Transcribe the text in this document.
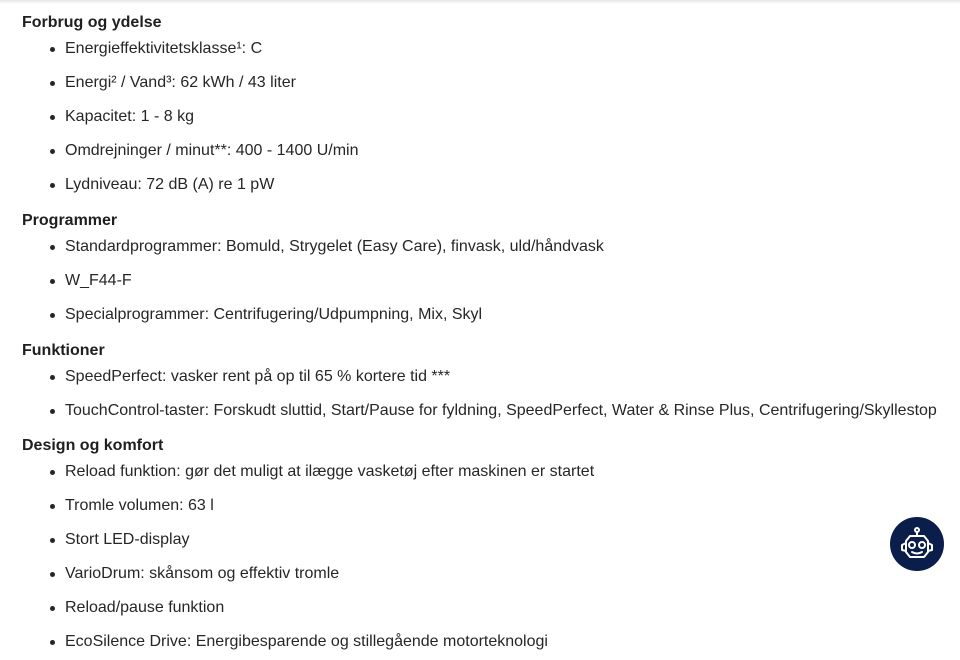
Forbrug og ydelse
Energieffektivitetsklasse¹: C
Energi² / Vand³: 62 kWh / 43 liter
Kapacitet: 1 - 8 kg
Omdrejninger / minut**: 400 - 1400 U/min
Lydniveau: 72 dB (A) re 1 pW
Programmer
Standardprogrammer: Bomuld, Strygelet (Easy Care), finvask, uld/håndvask
W_F44-F
Specialprogrammer: Centrifugering/Udpumpning, Mix, Skyl
Funktioner
SpeedPerfect: vasker rent på op til 65 % kortere tid ***
TouchControl-taster: Forskudt sluttid, Start/Pause for fyldning, SpeedPerfect, Water & Rinse Plus, Centrifugering/Skyllestop
Design og komfort
Reload funktion: gør det muligt at ilægge vasketøj efter maskinen er startet
Tromle volumen: 63 l
Stort LED-display
VarioDrum: skånsom og effektiv tromle
Reload/pause funktion
EcoSilence Drive: Energibesparende og stillegående motorteknologi
